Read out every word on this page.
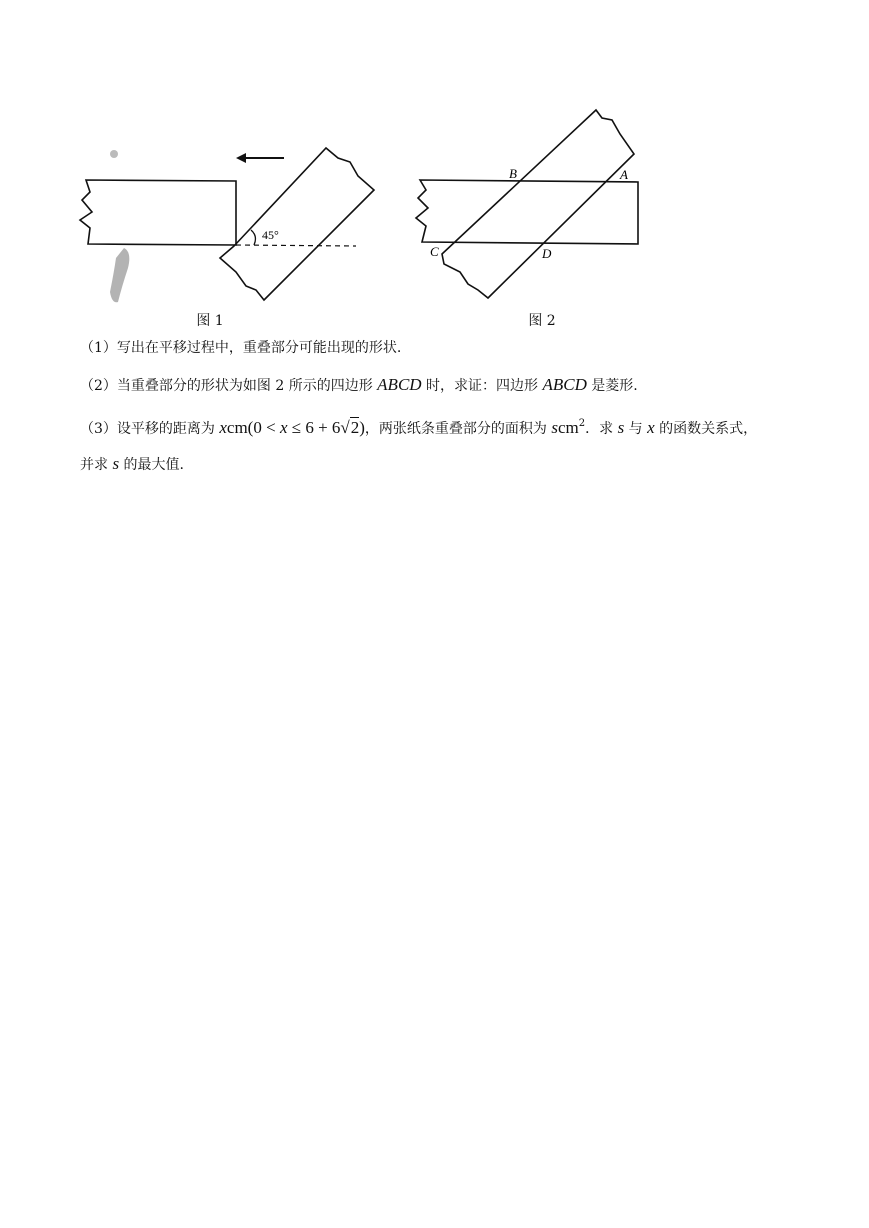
45°
图 1
B	A
C	D
图 2
（1）写出在平移过程中，重叠部分可能出现的形状.
（2）当重叠部分的形状为如图 2 所示的四边形 ABCD 时，求证：四边形 ABCD 是菱形.
（3）设平移的距离为 xcm(0 < x ≤ 6 + 6√2)，两张纸条重叠部分的面积为 scm$^2$．求 s 与 x 的函数关系式，
并求 s 的最大值.
